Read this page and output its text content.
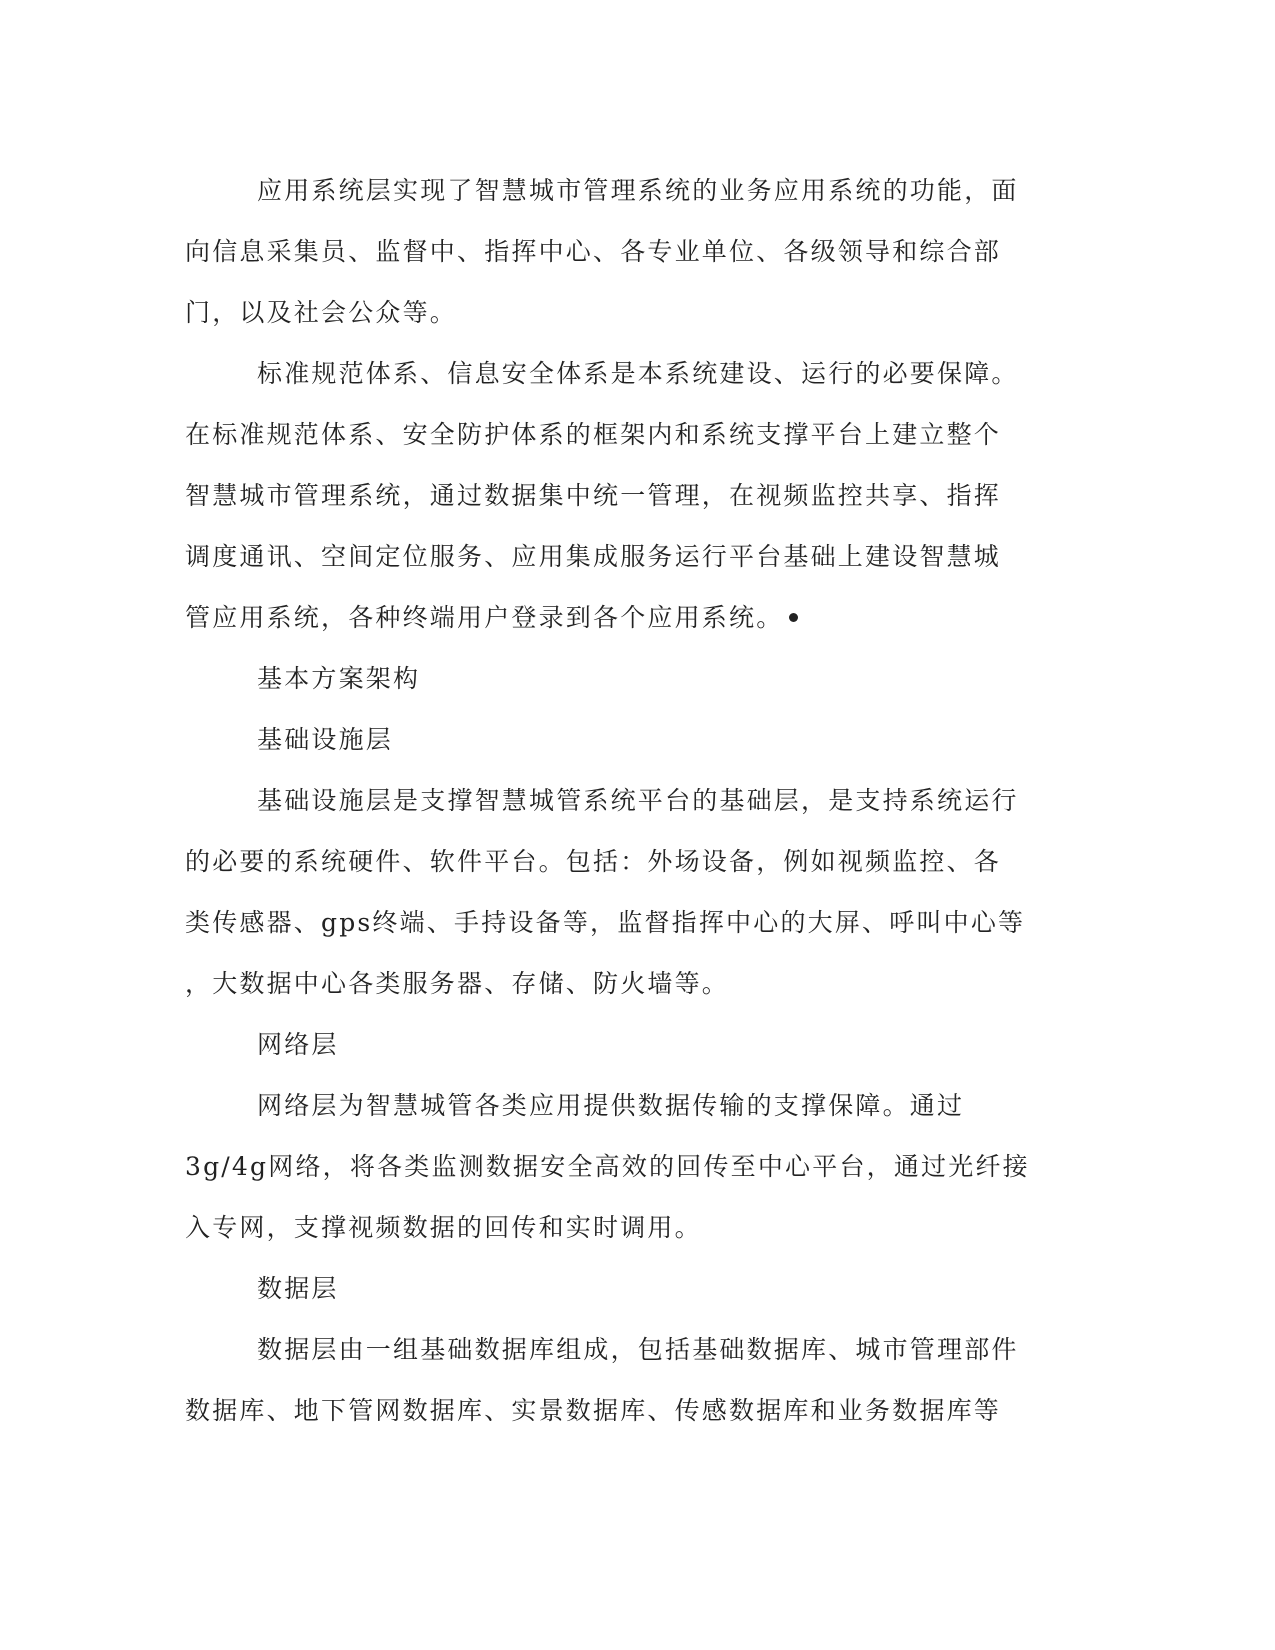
应用系统层实现了智慧城市管理系统的业务应用系统的功能，面
向信息采集员、监督中、指挥中心、各专业单位、各级领导和综合部
门，以及社会公众等。
标准规范体系、信息安全体系是本系统建设、运行的必要保障。
在标准规范体系、安全防护体系的框架内和系统支撑平台上建立整个
智慧城市管理系统，通过数据集中统一管理，在视频监控共享、指挥
调度通讯、空间定位服务、应用集成服务运行平台基础上建设智慧城
管应用系统，各种终端用户登录到各个应用系统。
基本方案架构
基础设施层
基础设施层是支撑智慧城管系统平台的基础层，是支持系统运行
的必要的系统硬件、软件平台。包括：外场设备，例如视频监控、各
类传感器、gps终端、手持设备等，监督指挥中心的大屏、呼叫中心等
，大数据中心各类服务器、存储、防火墙等。
网络层
网络层为智慧城管各类应用提供数据传输的支撑保障。通过
3g/4g网络，将各类监测数据安全高效的回传至中心平台，通过光纤接
入专网，支撑视频数据的回传和实时调用。
数据层
数据层由一组基础数据库组成，包括基础数据库、城市管理部件
数据库、地下管网数据库、实景数据库、传感数据库和业务数据库等
